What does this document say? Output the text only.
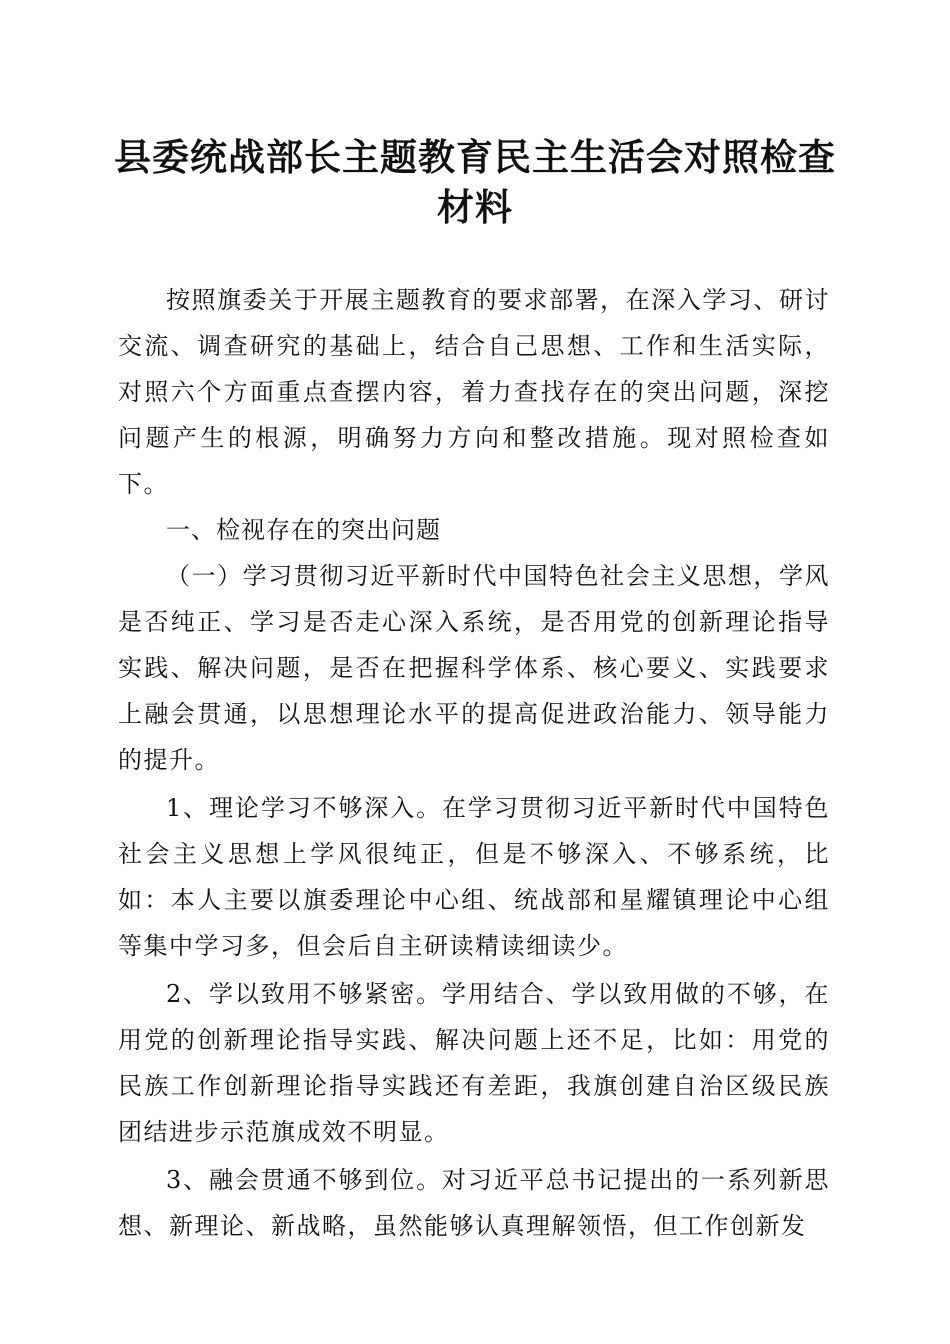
县委统战部长主题教育民主生活会对照检查材料

按照旗委关于开展主题教育的要求部署，在深入学习、研讨交流、调查研究的基础上，结合自己思想、工作和生活实际，对照六个方面重点查摆内容，着力查找存在的突出问题，深挖问题产生的根源，明确努力方向和整改措施。现对照检查如下。

一、检视存在的突出问题

（一）学习贯彻习近平新时代中国特色社会主义思想，学风是否纯正、学习是否走心深入系统，是否用党的创新理论指导实践、解决问题，是否在把握科学体系、核心要义、实践要求上融会贯通，以思想理论水平的提高促进政治能力、领导能力的提升。

1、理论学习不够深入。在学习贯彻习近平新时代中国特色社会主义思想上学风很纯正，但是不够深入、不够系统，比如：本人主要以旗委理论中心组、统战部和星耀镇理论中心组等集中学习多，但会后自主研读精读细读少。

2、学以致用不够紧密。学用结合、学以致用做的不够，在用党的创新理论指导实践、解决问题上还不足，比如：用党的民族工作创新理论指导实践还有差距，我旗创建自治区级民族团结进步示范旗成效不明显。

3、融会贯通不够到位。对习近平总书记提出的一系列新思想、新理论、新战略，虽然能够认真理解领悟，但工作创新发
